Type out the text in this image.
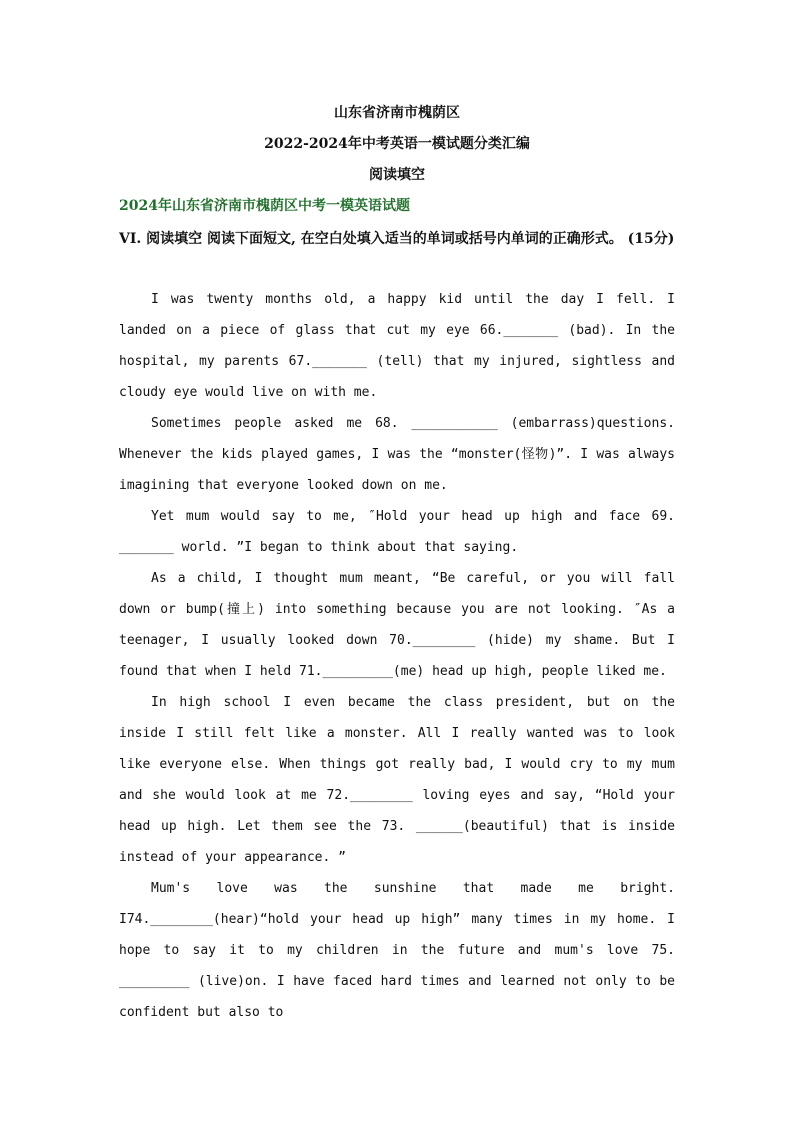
山东省济南市槐荫区
2022-2024年中考英语一模试题分类汇编
阅读填空
2024年山东省济南市槐荫区中考一模英语试题
VI. 阅读填空 阅读下面短文, 在空白处填入适当的单词或括号内单词的正确形式。 (15分)

I was twenty months old, a happy kid until the day I fell. I landed on a piece of glass that cut my eye 66._______ (bad). In the hospital, my parents 67._______ (tell) that my injured, sightless and cloudy eye would live on with me.

Sometimes people asked me 68. ___________ (embarrass)questions. Whenever the kids played games, I was the “monster(怪物)”. I was always imagining that everyone looked down on me.

Yet mum would say to me, ″Hold your head up high and face 69. _______ world. ”I began to think about that saying.

As a child, I thought mum meant, “Be careful, or you will fall down or bump(撞上) into something because you are not looking. ″As a teenager, I usually looked down 70.________ (hide) my shame. But I found that when I held 71._________(me) head up high, people liked me.

In high school I even became the class president, but on the inside I still felt like a monster. All I really wanted was to look like everyone else. When things got really bad, I would cry to my mum and she would look at me 72.________ loving eyes and say, “Hold your head up high. Let them see the 73. ______(beautiful) that is inside instead of your appearance. ”

Mum's love was the sunshine that made me bright. I74.________(hear)“hold your head up high” many times in my home. I hope to say it to my children in the future and mum's love 75. _________ (live)on. I have faced hard times and learned not only to be confident but also to
